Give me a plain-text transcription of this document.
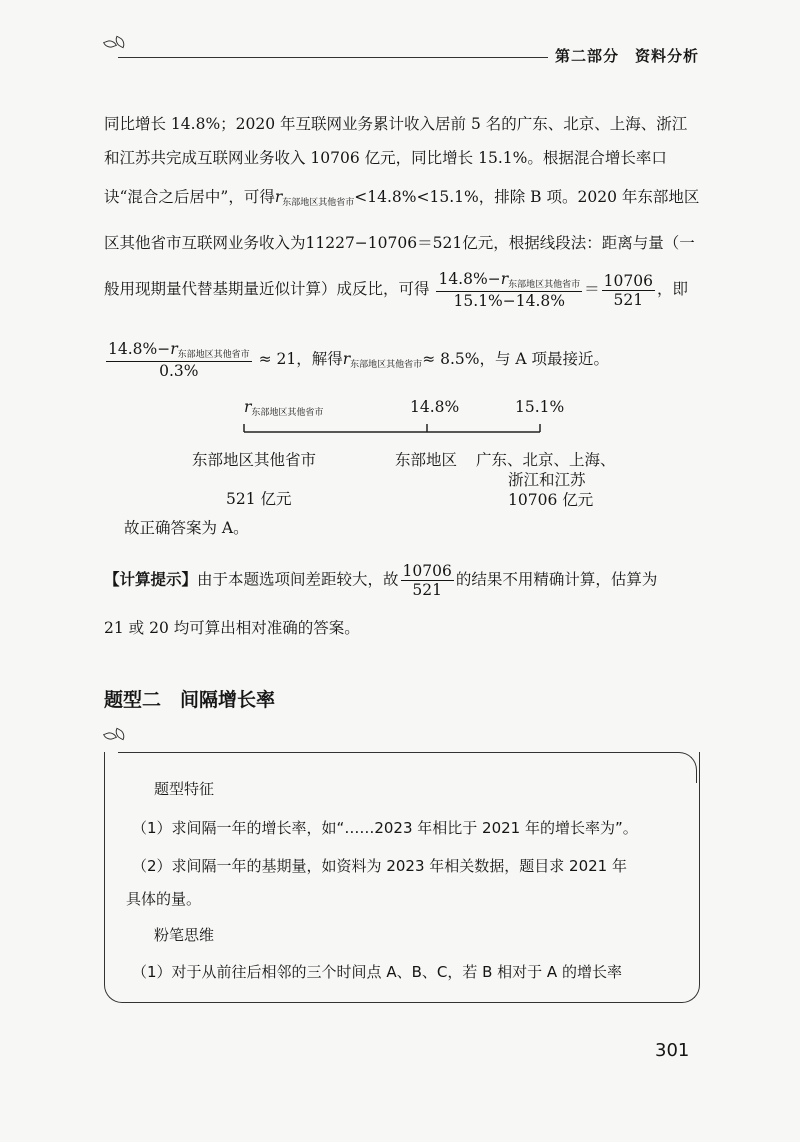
第二部分　资料分析
同比增长 14.8%；2020 年互联网业务累计收入居前 5 名的广东、北京、上海、浙江
和江苏共完成互联网业务收入 10706 亿元，同比增长 15.1%。根据混合增长率口
诀“混合之后居中”，可得r东部地区其他省市<14.8%<15.1%，排除 B 项。2020 年东部地区
区其他省市互联网业务收入为11227−10706＝521亿元，根据线段法：距离与量（一
般用现期量代替基期量近似计算）成反比，可得 $\frac{\text{14.8\%−r东部地区其他省市}}{15.1\%-14.8\%} = \frac{10706}{521}$ ，即
$\frac{\text{14.8\%−r东部地区其他省市}}{0.3\%} \approx 21$，解得r东部地区其他省市≈ 8.5%，与 A 项最接近。
r东部地区其他省市	14.8%	15.1%
东部地区其他省市	东部地区 广东、北京、上海、
浙江和江苏
521 亿元	10706 亿元
故正确答案为 A。
【计算提示】由于本题选项间差距较大，故 $\frac{10706}{521}$ 的结果不用精确计算，估算为
21 或 20 均可算出相对准确的答案。
题型二　间隔增长率
题型特征
（1）求间隔一年的增长率，如“……2023 年相比于 2021 年的增长率为”。
（2）求间隔一年的基期量，如资料为 2023 年相关数据，题目求 2021 年
具体的量。
粉笔思维
（1）对于从前往后相邻的三个时间点 A、B、C，若 B 相对于 A 的增长率
301
